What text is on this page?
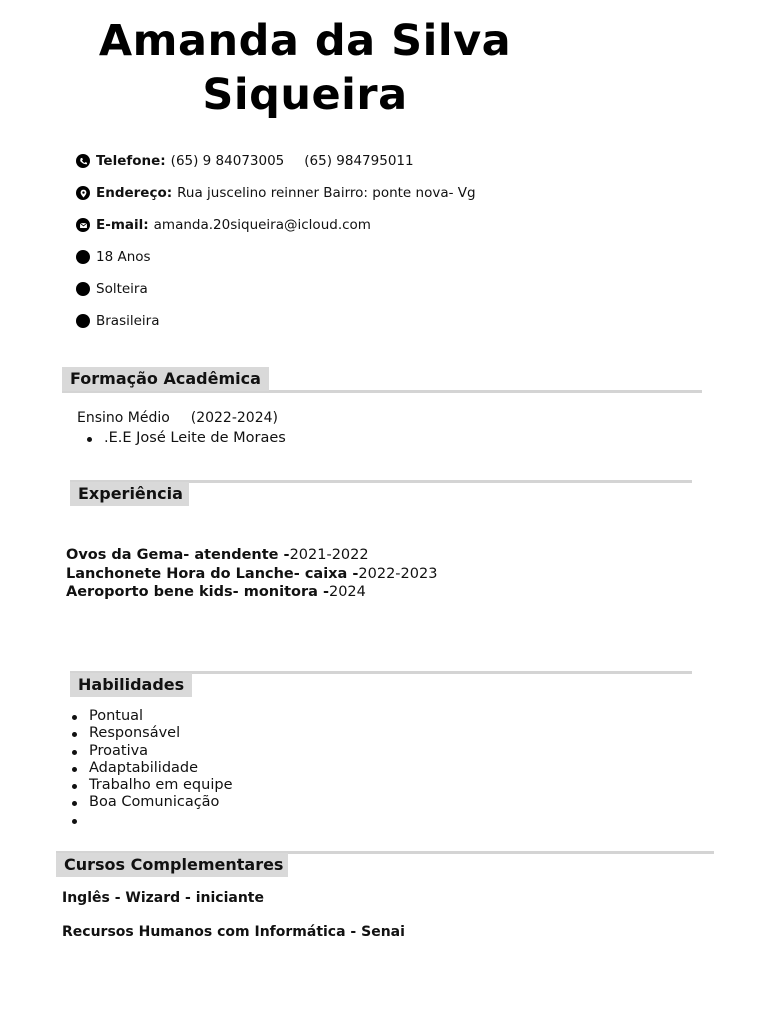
Amanda da Silva
Siqueira
Telefone: (65) 9 84073005 (65) 984795011
Endereço: Rua juscelino reinner Bairro: ponte nova- Vg
E-mail: amanda.20siqueira@icloud.com
18 Anos
Solteira
Brasileira
Formação Acadêmica
Ensino Médio (2022-2024)
.E.E José Leite de Moraes
Experiência
Ovos da Gema- atendente -2021-2022
Lanchonete Hora do Lanche- caixa -2022-2023
Aeroporto bene kids- monitora -2024
Habilidades
Pontual
Responsável
Proativa
Adaptabilidade
Trabalho em equipe
Boa Comunicação
Cursos Complementares
Inglês - Wizard - iniciante
Recursos Humanos com Informática - Senai
